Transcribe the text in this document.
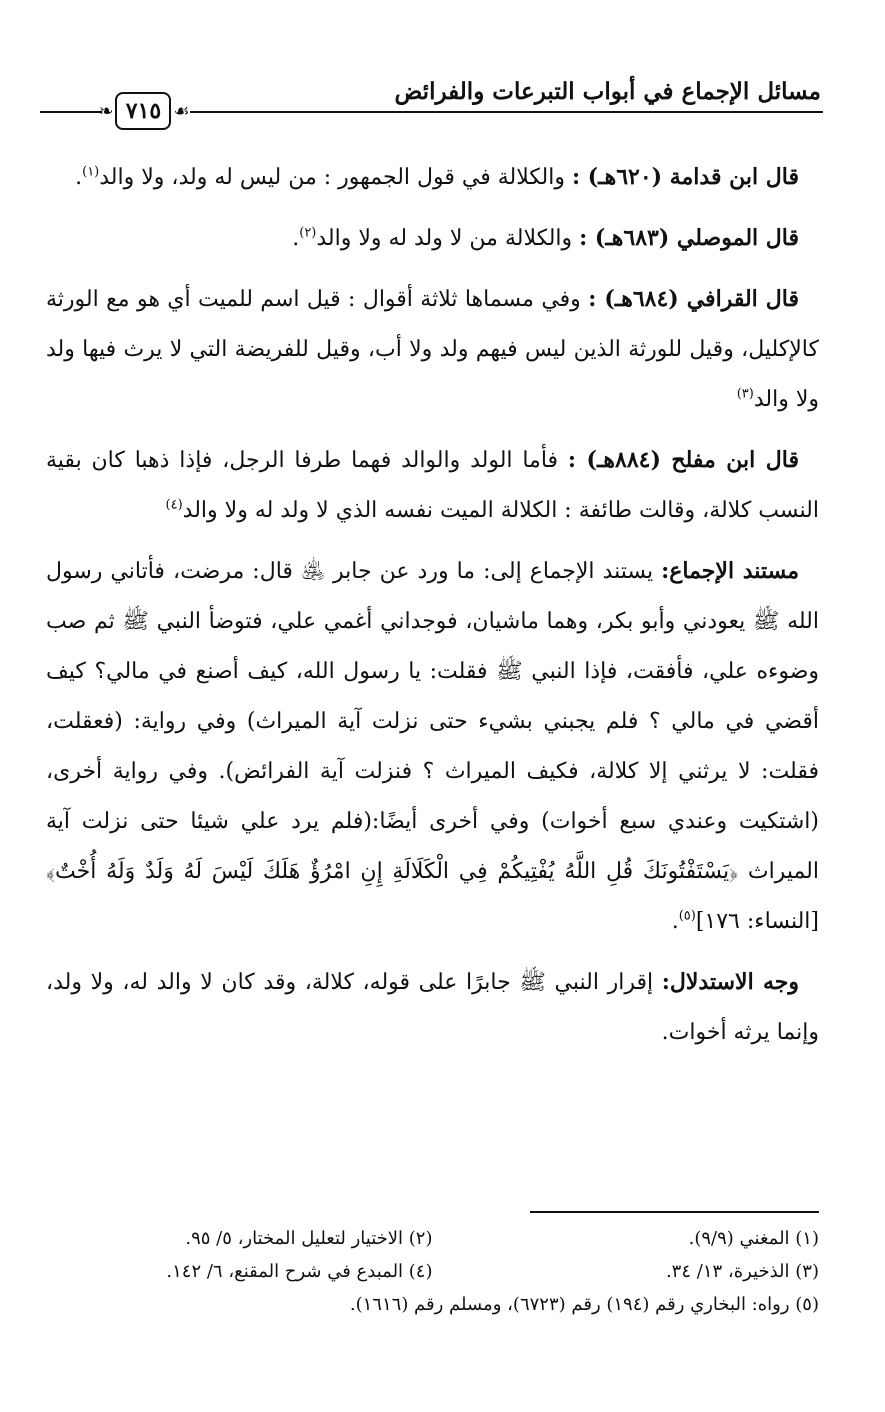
مسائل الإجماع في أبواب التبرعات والفرائض
❧ ٧١٥ ☙

قال ابن قدامة (٦٢٠هـ) : والكلالة في قول الجمهور : من ليس له ولد، ولا والد$^{(١)}$.

قال الموصلي (٦٨٣هـ) : والكلالة من لا ولد له ولا والد$^{(٢)}$.

قال القرافي (٦٨٤هـ) : وفي مسماها ثلاثة أقوال : قيل اسم للميت أي هو مع الورثة كالإكليل، وقيل للورثة الذين ليس فيهم ولد ولا أب، وقيل للفريضة التي لا يرث فيها ولد ولا والد$^{(٣)}$

قال ابن مفلح (٨٨٤هـ) : فأما الولد والوالد فهما طرفا الرجل، فإذا ذهبا كان بقية النسب كلالة، وقالت طائفة : الكلالة الميت نفسه الذي لا ولد له ولا والد$^{(٤)}$

مستند الإجماع: يستند الإجماع إلى: ما ورد عن جابر ﵁ قال: مرضت، فأتاني رسول الله ﷺ يعودني وأبو بكر، وهما ماشيان، فوجداني أغمي علي، فتوضأ النبي ﷺ ثم صب وضوءه علي، فأفقت، فإذا النبي ﷺ فقلت: يا رسول الله، كيف أصنع في مالي؟ كيف أقضي في مالي ؟ فلم يجبني بشيء حتى نزلت آية الميراث) وفي رواية: (فعقلت، فقلت: لا يرثني إلا كلالة، فكيف الميراث ؟ فنزلت آية الفرائض). وفي رواية أخرى، (اشتكيت وعندي سبع أخوات) وفي أخرى أيضًا:(فلم يرد علي شيئا حتى نزلت آية الميراث ﴿يَسْتَفْتُونَكَ قُلِ اللَّهُ يُفْتِيكُمْ فِي الْكَلَالَةِ إِنِ امْرُؤٌ هَلَكَ لَيْسَ لَهُ وَلَدٌ وَلَهُ أُخْتٌ﴾ [النساء: ١٧٦]$^{(٥)}$.

وجه الاستدلال: إقرار النبي ﷺ جابرًا على قوله، كلالة، وقد كان لا والد له، ولا ولد، وإنما يرثه أخوات.

(١) المغني (٩/٩).
(٢) الاختيار لتعليل المختار، ٥/ ٩٥.
(٣) الذخيرة، ١٣/ ٣٤.
(٤) المبدع في شرح المقنع، ٦/ ١٤٢.
(٥) رواه: البخاري رقم (١٩٤) رقم (٦٧٢٣)، ومسلم رقم (١٦١٦).
